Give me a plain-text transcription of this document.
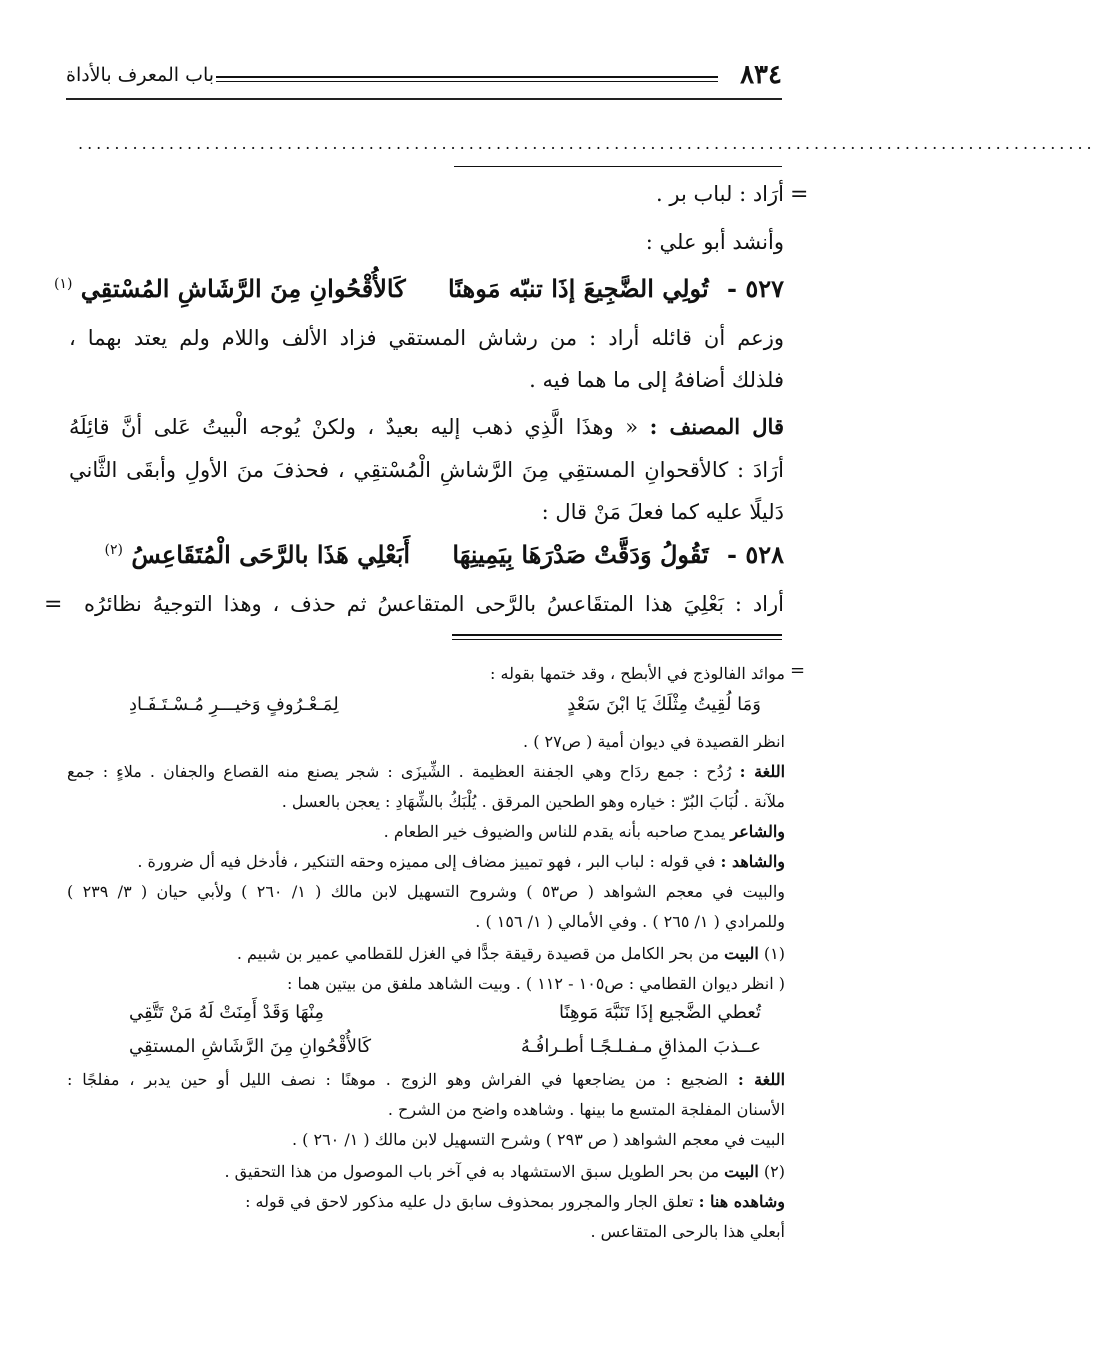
٨٣٤
باب المعرف بالأداة
................................................................................................................
=
أرَاد : لباب بر .
وأنشد أبو علي :
٥٢٧ - تُولِي الضَّجِيعَ إذَا تنبّه مَوهنًا كَالأُقْحُوانِ مِنَ الرَّشَاشِ المُسْتقِي $^{(١)}$
وزعم أن قائله أراد : من رشاش المستقي فزاد الألف واللام ولم يعتد بهما ،
فلذلك أضافهُ إلى ما هما فيه .
قال المصنف : « وهذَا الَّذِي ذهب إليه بعيدٌ ، ولكنْ يُوجه الْبيتُ عَلى أنَّ قائِلَهُ
أرَادَ : كالأقحوانِ المستقِي مِنَ الرَّشاشِ الْمُسْتقِي ، فحذفَ منَ الأولِ وأبقَى الثَّاني
دَليلًا عليه كما فعلَ مَنْ قال :
٥٢٨ - تَقُولُ وَدَقَّتْ صَدْرَهَا بِيَمِينِهَا أَبَعْلِي هَذَا بالرَّحَى الْمُتَقَاعِسُ $^{(٢)}$
أراد : بَعْلِيَ هذا المتقَاعسُ بالرَّحى المتقاعسُ ثم حذف ، وهذا التوجيهُ نظائرُه
=
=
موائد الفالوذج في الأبطح ، وقد ختمها بقوله :
وَمَا لُقِيتُ مِثْلَكَ يَا ابْنَ سَعْدٍ
لِمَـعْـرُوفٍ وَخيـــرِ مُـسْـتَـفَـادِ
انظر القصيدة في ديوان أمية ( ص٢٧ ) .
اللغة : رُدُح : جمع ردَاح وهي الجفنة العظيمة . الشِّيزَى : شجر يصنع منه القصاع والجفان . ملاءٍ : جمع
ملآنة . لُبَابَ البُرّ : خياره وهو الطحين المرقق . يُلْبَكُ بالشِّهَادِ : يعجن بالعسل .
والشاعر يمدح صاحبه بأنه يقدم للناس والضيوف خير الطعام .
والشاهد : في قوله : لباب البر ، فهو تمييز مضاف إلى مميزه وحقه التنكير ، فأدخل فيه أل ضرورة .
والبيت في معجم الشواهد ( ص٥٣ ) وشروح التسهيل لابن مالك ( ١/ ٢٦٠ ) ولأبي حيان ( ٣/ ٢٣٩ )
وللمرادي ( ١/ ٢٦٥ ) . وفي الأمالي ( ١/ ١٥٦ ) .
(١) البيت من بحر الكامل من قصيدة رقيقة جدًّا في الغزل للقطامي عمير بن شبيم .
( انظر ديوان القطامي : ص١٠٥ - ١١٢ ) . وبيت الشاهد ملفق من بيتين هما :
تُعطي الضَّجيع إذَا تَنَبَّهَ مَوهِنًا
مِنْهَا وَقَدْ أَمِنَتْ لَهُ مَنْ تَتَّقِي
عــذبَ المذاقِ مـفـلـجًـا أطـرافُـهُ
كَالأُقْحُوانِ مِنَ الرَّشَاشِ المستقِي
اللغة : الضجيع : من يضاجعها في الفراش وهو الزوج . موهنًا : نصف الليل أو حين يدبر ، مفلجًا :
الأسنان المفلجة المتسع ما بينها . وشاهده واضح من الشرح .
البيت في معجم الشواهد ( ص ٢٩٣ ) وشرح التسهيل لابن مالك ( ١/ ٢٦٠ ) .
(٢) البيت من بحر الطويل سبق الاستشهاد به في آخر باب الموصول من هذا التحقيق .
وشاهده هنا : تعلق الجار والمجرور بمحذوف سابق دل عليه مذكور لاحق في قوله :
أبعلي هذا بالرحى المتقاعس .
